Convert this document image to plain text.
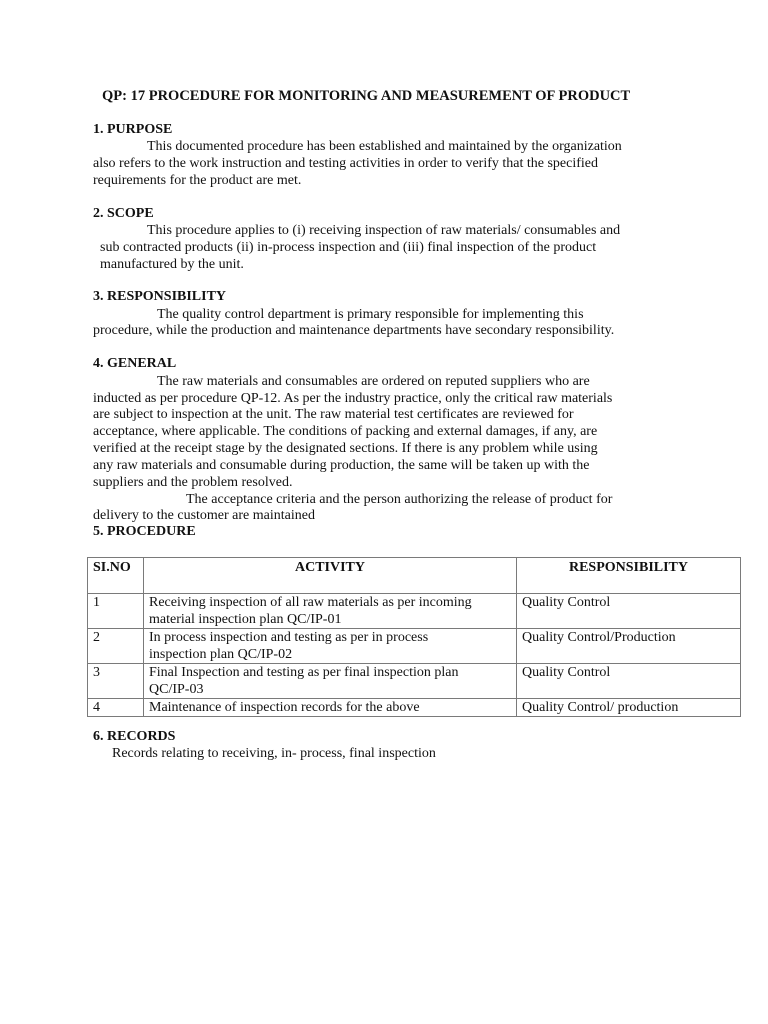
QP: 17 PROCEDURE FOR MONITORING AND MEASUREMENT OF PRODUCT
1. PURPOSE
This documented procedure has been established and maintained by the organization
also refers to the work instruction and testing activities in order to verify that the specified
requirements for the product are met.
2. SCOPE
This procedure applies to (i) receiving inspection of raw materials/ consumables and
sub contracted products (ii) in-process inspection and (iii) final inspection of the product
manufactured by the unit.
3. RESPONSIBILITY
The quality control department is primary responsible for implementing this
procedure, while the production and maintenance departments have secondary responsibility.
4. GENERAL
The raw materials and consumables are ordered on reputed suppliers who are
inducted as per procedure QP-12. As per the industry practice, only the critical raw materials
are subject to inspection at the unit. The raw material test certificates are reviewed for
acceptance, where applicable. The conditions of packing and external damages, if any, are
verified at the receipt stage by the designated sections. If there is any problem while using
any raw materials and consumable during production, the same will be taken up with the
suppliers and the problem resolved.
The acceptance criteria and the person authorizing the release of product for
delivery to the customer are maintained
5. PROCEDURE
SI.NO	ACTIVITY	RESPONSIBILITY
1	Receiving inspection of all raw materials as per incoming
material inspection plan QC/IP-01	Quality Control
2	In process inspection and testing as per in process
inspection plan QC/IP-02	Quality Control/Production
3	Final Inspection and testing as per final inspection plan
QC/IP-03	Quality Control
4	Maintenance of inspection records for the above	Quality Control/ production
6. RECORDS
Records relating to receiving, in- process, final inspection
